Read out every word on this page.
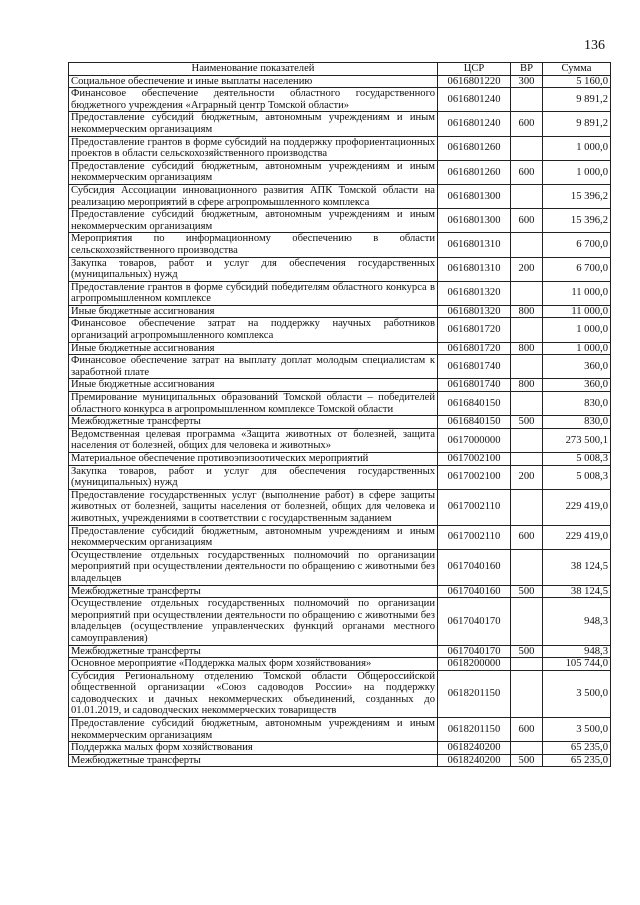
136
Наименование показателей	ЦСР	ВР	Сумма
Социальное обеспечение и иные выплаты населению	0616801220	300	5 160,0
Финансовое обеспечение деятельности областного государственного бюджетного учреждения «Аграрный центр Томской области»	0616801240		9 891,2
Предоставление субсидий бюджетным, автономным учреждениям и иным некоммерческим организациям	0616801240	600	9 891,2
Предоставление грантов в форме субсидий на поддержку профориентационных проектов в области сельскохозяйственного производства	0616801260		1 000,0
Предоставление субсидий бюджетным, автономным учреждениям и иным некоммерческим организациям	0616801260	600	1 000,0
Субсидия Ассоциации инновационного развития АПК Томской области на реализацию мероприятий в сфере агропромышленного комплекса	0616801300		15 396,2
Предоставление субсидий бюджетным, автономным учреждениям и иным некоммерческим организациям	0616801300	600	15 396,2
Мероприятия по информационному обеспечению в области сельскохозяйственного производства	0616801310		6 700,0
Закупка товаров, работ и услуг для обеспечения государственных (муниципальных) нужд	0616801310	200	6 700,0
Предоставление грантов в форме субсидий победителям областного конкурса в агропромышленном комплексе	0616801320		11 000,0
Иные бюджетные ассигнования	0616801320	800	11 000,0
Финансовое обеспечение затрат на поддержку научных работников организаций агропромышленного комплекса	0616801720		1 000,0
Иные бюджетные ассигнования	0616801720	800	1 000,0
Финансовое обеспечение затрат на выплату доплат молодым специалистам к заработной плате	0616801740		360,0
Иные бюджетные ассигнования	0616801740	800	360,0
Премирование муниципальных образований Томской области – победителей областного конкурса в агропромышленном комплексе Томской области	0616840150		830,0
Межбюджетные трансферты	0616840150	500	830,0
Ведомственная целевая программа «Защита животных от болезней, защита населения от болезней, общих для человека и животных»	0617000000		273 500,1
Материальное обеспечение противоэпизоотических мероприятий	0617002100		5 008,3
Закупка товаров, работ и услуг для обеспечения государственных (муниципальных) нужд	0617002100	200	5 008,3
Предоставление государственных услуг (выполнение работ) в сфере защиты животных от болезней, защиты населения от болезней, общих для человека и животных, учреждениями в соответствии с государственным заданием	0617002110		229 419,0
Предоставление субсидий бюджетным, автономным учреждениям и иным некоммерческим организациям	0617002110	600	229 419,0
Осуществление отдельных государственных полномочий по организации мероприятий при осуществлении деятельности по обращению с животными без владельцев	0617040160		38 124,5
Межбюджетные трансферты	0617040160	500	38 124,5
Осуществление отдельных государственных полномочий по организации мероприятий при осуществлении деятельности по обращению с животными без владельцев (осуществление управленческих функций органами местного самоуправления)	0617040170		948,3
Межбюджетные трансферты	0617040170	500	948,3
Основное мероприятие «Поддержка малых форм хозяйствования»	0618200000		105 744,0
Субсидия Региональному отделению Томской области Общероссийской общественной организации «Союз садоводов России» на поддержку садоводческих и дачных некоммерческих объединений, созданных до 01.01.2019, и садоводческих некоммерческих товариществ	0618201150		3 500,0
Предоставление субсидий бюджетным, автономным учреждениям и иным некоммерческим организациям	0618201150	600	3 500,0
Поддержка малых форм хозяйствования	0618240200		65 235,0
Межбюджетные трансферты	0618240200	500	65 235,0
